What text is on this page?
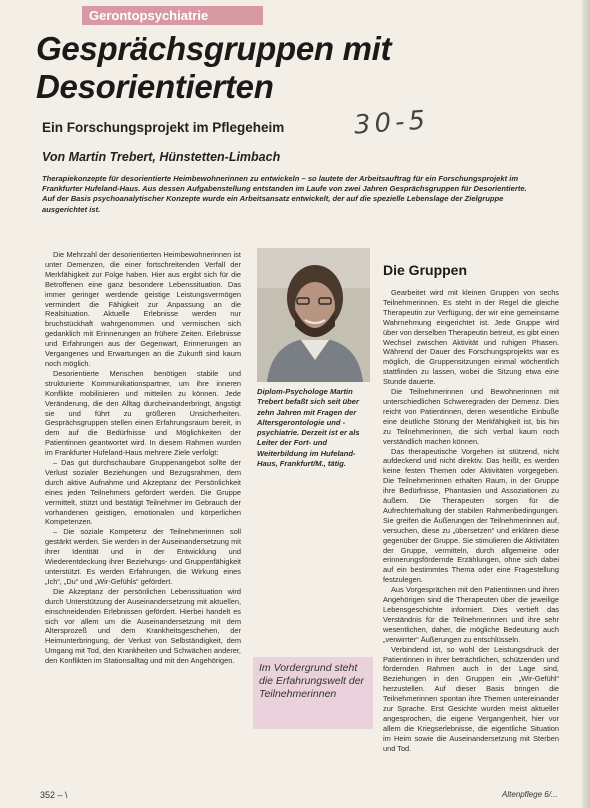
Gerontopsychiatrie
Gesprächsgruppen mit
Desorientierten
Ein Forschungsprojekt im Pflegeheim	30-5
Von Martin Trebert, Hünstetten-Limbach
Therapiekonzepte für desorientierte Heimbewohnerinnen zu entwickeln – so lautete der Arbeitsauftrag für ein Forschungsprojekt im Frankfurter Hufeland-Haus. Aus dessen Aufgabenstellung entstanden im Laufe von zwei Jahren Gesprächsgruppen für Desorientierte. Auf der Basis psychoanalytischer Konzepte wurde ein Arbeitsansatz entwickelt, der auf die spezielle Lebenslage der Zielgruppe ausgerichtet ist.

Die Mehrzahl der desorientierten Heimbewohnerinnen ist unter Demenzen, die einer fortschreitenden Verfall der Merkfähigkeit zur Folge haben. Hier aus ergibt sich für die Betroffenen eine ganz besondere Lebenssituation. Das immer geringer werdende geistige Leistungsvermögen vermindert die Fähigkeit zur Anpassung an die Realsituation. Aktuelle Erlebnisse werden nur bruchstückhaft wahrgenommen und vermischen sich gedanklich mit Erinnerungen an frühere Zeiten. Erlebnisse und Erfahrungen aus der Gegenwart, Erinnerungen an Vergangenes und Erwartungen an die Zukunft sind kaum noch möglich.

Desorientierte Menschen benötigen stabile und strukturierte Kommunikationspartner, um ihre inneren Konflikte mobilisieren und mitteilen zu können. Jede Veränderung, die den Alltag durcheinanderbringt, ängstigt sie und führt zu größeren Unsicherheiten. Gesprächsgruppen stellen einen Erfahrungsraum bereit, in dem auf die Bedürfnisse und Möglichkeiten der Patientinnen geantwortet wird. In diesem Rahmen wurden im Frankfurter Hufeland-Haus mehrere Ziele verfolgt:

– Das gut durchschaubare Gruppenangebot sollte der Verlust sozialer Beziehungen und Bezugsrahmen, dem durch aktive Aufnahme und Akzeptanz der Persönlichkeit eines jeden Teilnehmers gefördert werden. Die Gruppe vermittelt, stützt und bestätigt Teilnehmer im Gebrauch der vorhandenen geistigen, emotionalen und körperlichen Kompetenzen.

– Die soziale Kompetenz der Teilnehmerinnen soll gestärkt werden. Sie werden in der Auseinandersetzung mit ihrer Identität und in der Entwicklung und Wiederentdeckung ihrer Beziehungs- und Gruppenfähigkeit unterstützt. Es werden Erfahrungen, die Wirkung eines „Ich“, „Du“ und „Wir-Gefühls“ gefördert.

Die Akzeptanz der persönlichen Lebenssituation wird durch Unterstützung der Auseinandersetzung mit aktuellen, einschneidenden Erlebnissen gefördert. Hierbei handelt es sich vor allem um die Auseinandersetzung mit dem Altersprozeß und dem Krankheitsgeschehen, der Heimunterbringung, der Verlust von Selbständigkeit, dem Umgang mit Tod, den Krankheiten und Schwächen anderer, den Konflikten im Stationsalltag und mit den Angehörigen.

Diplom-Psychologe Martin Trebert befaßt sich seit über zehn Jahren mit Fragen der Altersgerontologie und -psychiatrie. Derzeit ist er als Leiter der Fort- und Weiterbildung im Hufeland-Haus, Frankfurt/M., tätig.
Im Vordergrund steht die Erfahrungswelt der Teilnehmerinnen
Die Gruppen

Gearbeitet wird mit kleinen Gruppen von sechs Teilnehmerinnen. Es steht in der Regel die gleiche Therapeutin zur Verfügung, der wir eine gemeinsame Wahrnehmung eingerichtet ist. Jede Gruppe wird über von derselben Therapeutin betreut, es gibt einen Wechsel zwischen Aktivität und ruhigen Phasen. Während der Dauer des Forschungsprojekts war es möglich, die Gruppensitzungen einmal wöchentlich stattfinden zu lassen, wobei die Sitzung etwa eine Stunde dauerte.

Die Teilnehmerinnen und Bewohnerinnen mit unterschiedlichen Schweregraden der Demenz. Dies reicht von Patientinnen, deren wesentliche Einbuße eine deutliche Störung der Merkfähigkeit ist, bis hin zu Teilnehmerinnen, die sich verbal kaum noch verständlich machen können.

Das therapeutische Vorgehen ist stützend, nicht aufdeckend und nicht direktiv. Das heißt, es werden keine festen Themen oder Aktivitäten vorgegeben. Die Teilnehmerinnen erhalten Raum, in der Gruppe ihre Bedürfnisse, Phantasien und Assoziationen zu äußern. Die Therapeuten sorgen für die Aufrechterhaltung der stabilen Rahmenbedingungen. Sie greifen die Äußerungen der Teilnehmerinnen auf, versuchen, diese zu „übersetzen“ und erklären diese gegenüber der Gruppe. Sie stimulieren die Aktivitäten der Gruppe, vermitteln, durch allgemeine oder erinnerungsfördernde Erzählungen, ohne sich dabei auf ein bestimmtes Thema oder eine Fragestellung festzulegen.

Aus Vorgesprächen mit den Patientinnen und ihren Angehörigen sind die Therapeuten über die jeweilige Lebensgeschichte informiert. Dies vertieft das Verständnis für die Teilnehmerinnen und ihre sehr wesentlichen, daher, die mögliche Bedeutung auch „verwirrter“ Äußerungen zu entschlüsseln.

Verbindend ist, so wohl der Leistungsdruck der Patientinnen in ihrer beträchtlichen, schützenden und fördernden Rahmen auch in der Lage sind, Beziehungen in den Gruppen ein „Wir-Gefühl“ herzustellen. Auf dieser Basis bringen die Teilnehmerinnen spontan ihre Themen untereinander zur Sprache. Erst Gesichte wurden meist aktueller angesprochen, die eigene Vergangenheit, hier vor allem die Kriegserlebnisse, die eigentliche Situation im Heim sowie die Auseinandersetzung mit Sterben und Tod.

352 – \	Altenpflege 6/...
